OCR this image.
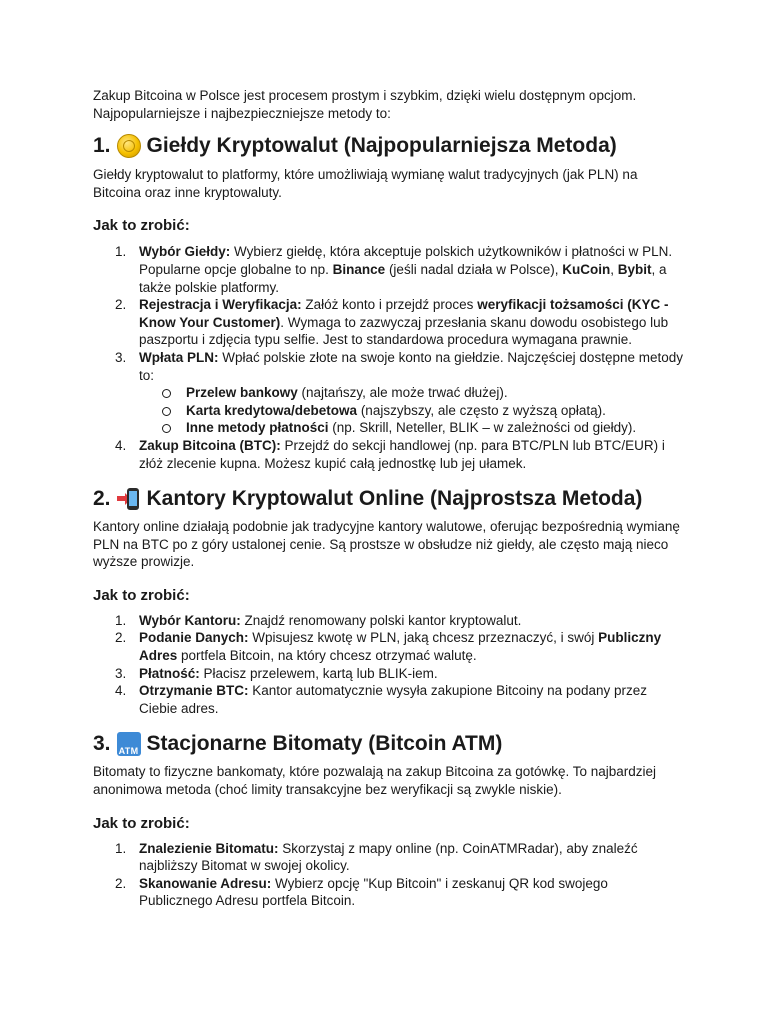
Zakup Bitcoina w Polsce jest procesem prostym i szybkim, dzięki wielu dostępnym opcjom. Najpopularniejsze i najbezpieczniejsze metody to:

1. Giełdy Kryptowalut (Najpopularniejsza Metoda)

Giełdy kryptowalut to platformy, które umożliwiają wymianę walut tradycyjnych (jak PLN) na Bitcoina oraz inne kryptowaluty.

Jak to zrobić:
1. Wybór Giełdy: Wybierz giełdę, która akceptuje polskich użytkowników i płatności w PLN. Popularne opcje globalne to np. Binance (jeśli nadal działa w Polsce), KuCoin, Bybit, a także polskie platformy.
2. Rejestracja i Weryfikacja: Załóż konto i przejdź proces weryfikacji tożsamości (KYC - Know Your Customer). Wymaga to zazwyczaj przesłania skanu dowodu osobistego lub paszportu i zdjęcia typu selfie. Jest to standardowa procedura wymagana prawnie.
3. Wpłata PLN: Wpłać polskie złote na swoje konto na giełdzie. Najczęściej dostępne metody to:
Przelew bankowy (najtańszy, ale może trwać dłużej).
Karta kredytowa/debetowa (najszybszy, ale często z wyższą opłatą).
Inne metody płatności (np. Skrill, Neteller, BLIK – w zależności od giełdy).
4. Zakup Bitcoina (BTC): Przejdź do sekcji handlowej (np. para BTC/PLN lub BTC/EUR) i złóż zlecenie kupna. Możesz kupić całą jednostkę lub jej ułamek.
2. Kantory Kryptowalut Online (Najprostsza Metoda)

Kantory online działają podobnie jak tradycyjne kantory walutowe, oferując bezpośrednią wymianę PLN na BTC po z góry ustalonej cenie. Są prostsze w obsłudze niż giełdy, ale często mają nieco wyższe prowizje.

Jak to zrobić:
1. Wybór Kantoru: Znajdź renomowany polski kantor kryptowalut.
2. Podanie Danych: Wpisujesz kwotę w PLN, jaką chcesz przeznaczyć, i swój Publiczny Adres portfela Bitcoin, na który chcesz otrzymać walutę.
3. Płatność: Płacisz przelewem, kartą lub BLIK-iem.
4. Otrzymanie BTC: Kantor automatycznie wysyła zakupione Bitcoiny na podany przez Ciebie adres.
3. ATM Stacjonarne Bitomaty (Bitcoin ATM)

Bitomaty to fizyczne bankomaty, które pozwalają na zakup Bitcoina za gotówkę. To najbardziej anonimowa metoda (choć limity transakcyjne bez weryfikacji są zwykle niskie).

Jak to zrobić:
1. Znalezienie Bitomatu: Skorzystaj z mapy online (np. CoinATMRadar), aby znaleźć najbliższy Bitomat w swojej okolicy.
2. Skanowanie Adresu: Wybierz opcję "Kup Bitcoin" i zeskanuj QR kod swojego Publicznego Adresu portfela Bitcoin.
